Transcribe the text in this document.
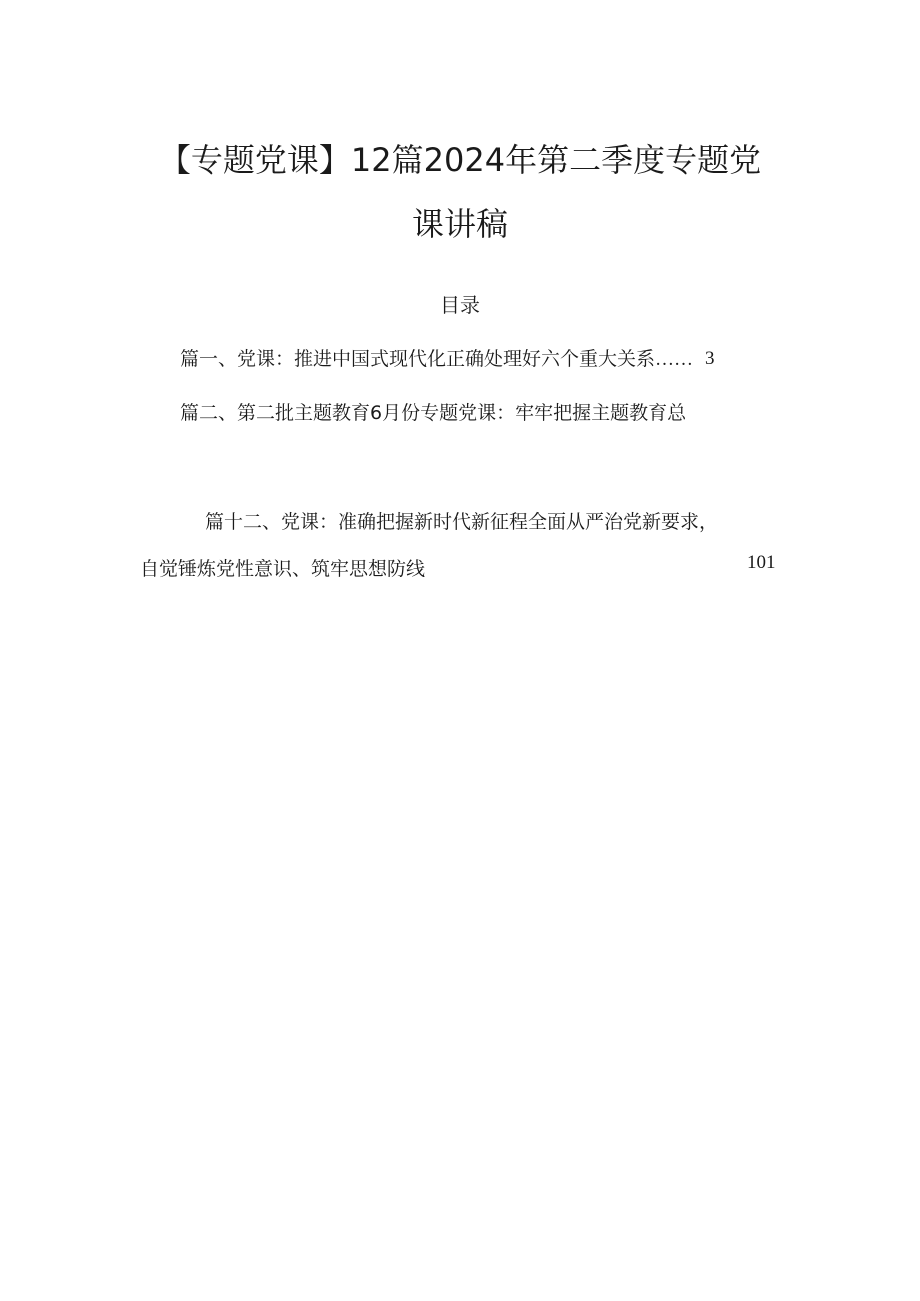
【专题党课】12篇2024年第二季度专题党
课讲稿
目录
篇一、党课：推进中国式现代化正确处理好六个重大关系…… 3
篇二、第二批主题教育6月份专题党课：牢牢把握主题教育总
篇十二、党课：准确把握新时代新征程全面从严治党新要求，
自觉锤炼党性意识、筑牢思想防线	101
